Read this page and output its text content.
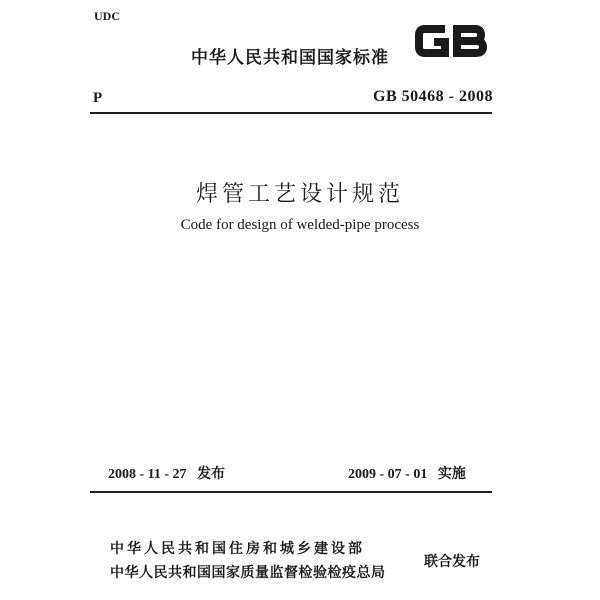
UDC
中华人民共和国国家标准
P	GB 50468 - 2008
焊管工艺设计规范
Code for design of welded-pipe process
2008 - 11 - 27 发布	2009 - 07 - 01 实施
中华人民共和国住房和城乡建设部
中华人民共和国国家质量监督检验检疫总局
联合发布
